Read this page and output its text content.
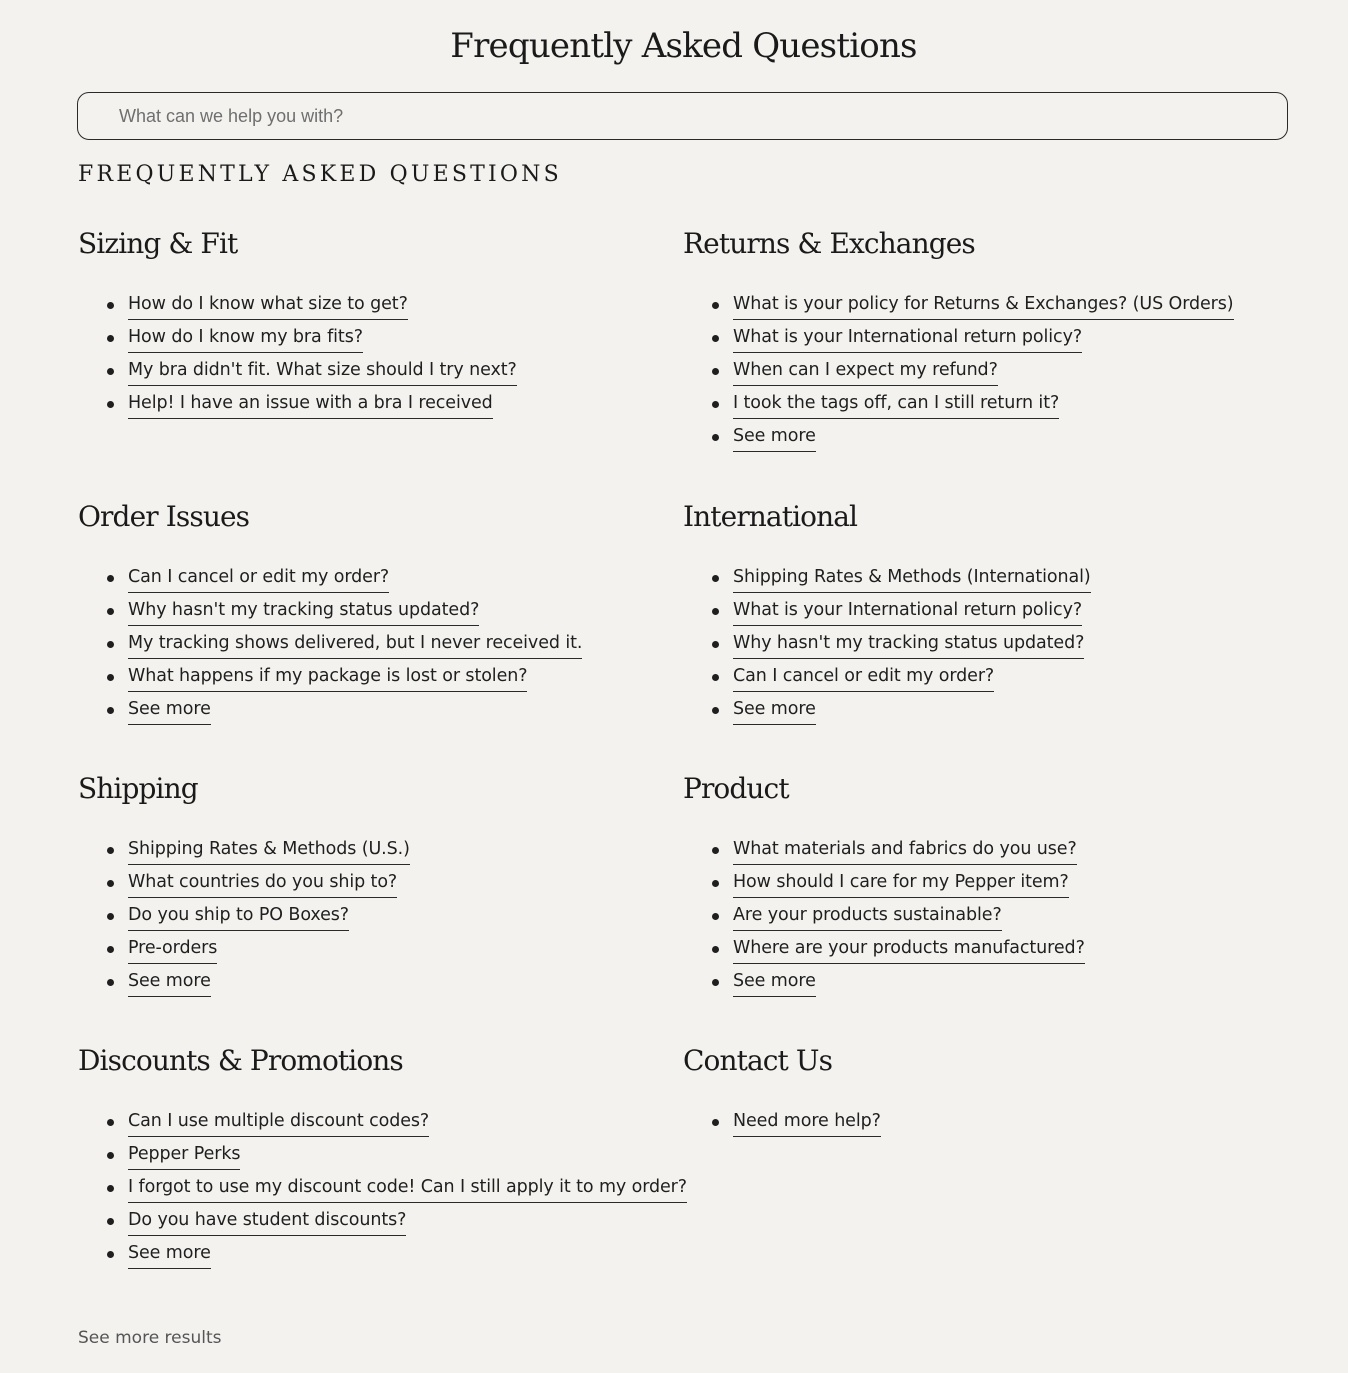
Frequently Asked Questions
What can we help you with?
FREQUENTLY ASKED QUESTIONS
Sizing & Fit
How do I know what size to get?
How do I know my bra fits?
My bra didn't fit. What size should I try next?
Help! I have an issue with a bra I received
Returns & Exchanges
What is your policy for Returns & Exchanges? (US Orders)
What is your International return policy?
When can I expect my refund?
I took the tags off, can I still return it?
See more
Order Issues
Can I cancel or edit my order?
Why hasn't my tracking status updated?
My tracking shows delivered, but I never received it.
What happens if my package is lost or stolen?
See more
International
Shipping Rates & Methods (International)
What is your International return policy?
Why hasn't my tracking status updated?
Can I cancel or edit my order?
See more
Shipping
Shipping Rates & Methods (U.S.)
What countries do you ship to?
Do you ship to PO Boxes?
Pre-orders
See more
Product
What materials and fabrics do you use?
How should I care for my Pepper item?
Are your products sustainable?
Where are your products manufactured?
See more
Discounts & Promotions
Can I use multiple discount codes?
Pepper Perks
I forgot to use my discount code! Can I still apply it to my order?
Do you have student discounts?
See more
Contact Us
Need more help?
See more results
